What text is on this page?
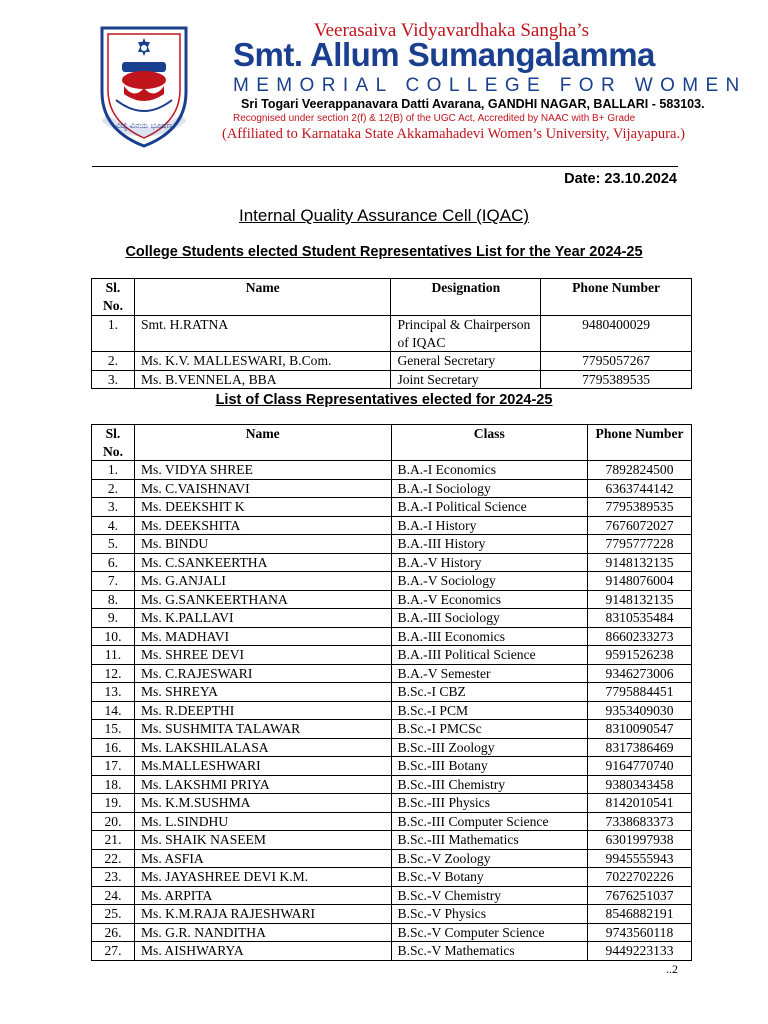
ವಿದ್ಯೆ ವಿನಯ ಭೂಷಣ
Veerasaiva Vidyavardhaka Sangha’s
Smt. Allum Sumangalamma
MEMORIAL COLLEGE FOR WOMEN
Sri Togari Veerappanavara Datti Avarana, GANDHI NAGAR, BALLARI - 583103.
Recognised under section 2(f) & 12(B) of the UGC Act, Accredited by NAAC with B+ Grade
(Affiliated to Karnataka State Akkamahadevi Women’s University, Vijayapura.)
Date: 23.10.2024
Internal Quality Assurance Cell (IQAC)
College Students elected Student Representatives List for the Year 2024-25
Sl. No.	Name	Designation	Phone Number
1.	Smt. H.RATNA	Principal & Chairperson of IQAC	9480400029
2.	Ms. K.V. MALLESWARI, B.Com.	General Secretary	7795057267
3.	Ms. B.VENNELA, BBA	Joint Secretary	7795389535
List of Class Representatives elected for 2024-25
Sl. No.	Name	Class	Phone Number
1.	Ms. VIDYA SHREE	B.A.-I Economics	7892824500
2.	Ms. C.VAISHNAVI	B.A.-I Sociology	6363744142
3.	Ms. DEEKSHIT K	B.A.-I Political Science	7795389535
4.	Ms. DEEKSHITA	B.A.-I History	7676072027
5.	Ms. BINDU	B.A.-III History	7795777228
6.	Ms. C.SANKEERTHA	B.A.-V History	9148132135
7.	Ms. G.ANJALI	B.A.-V Sociology	9148076004
8.	Ms. G.SANKEERTHANA	B.A.-V Economics	9148132135
9.	Ms. K.PALLAVI	B.A.-III Sociology	8310535484
10.	Ms. MADHAVI	B.A.-III Economics	8660233273
11.	Ms. SHREE DEVI	B.A.-III Political Science	9591526238
12.	Ms. C.RAJESWARI	B.A.-V Semester	9346273006
13.	Ms. SHREYA	B.Sc.-I CBZ	7795884451
14.	Ms. R.DEEPTHI	B.Sc.-I PCM	9353409030
15.	Ms. SUSHMITA TALAWAR	B.Sc.-I PMCSc	8310090547
16.	Ms. LAKSHILALASA	B.Sc.-III Zoology	8317386469
17.	Ms.MALLESHWARI	B.Sc.-III Botany	9164770740
18.	Ms. LAKSHMI PRIYA	B.Sc.-III Chemistry	9380343458
19.	Ms. K.M.SUSHMA	B.Sc.-III Physics	8142010541
20.	Ms. L.SINDHU	B.Sc.-III Computer Science	7338683373
21.	Ms. SHAIK NASEEM	B.Sc.-III Mathematics	6301997938
22.	Ms. ASFIA	B.Sc.-V Zoology	9945555943
23.	Ms. JAYASHREE DEVI K.M.	B.Sc.-V Botany	7022702226
24.	Ms. ARPITA	B.Sc.-V Chemistry	7676251037
25.	Ms. K.M.RAJA RAJESHWARI	B.Sc.-V Physics	8546882191
26.	Ms. G.R. NANDITHA	B.Sc.-V Computer Science	9743560118
27.	Ms. AISHWARYA	B.Sc.-V Mathematics	9449223133
..2
